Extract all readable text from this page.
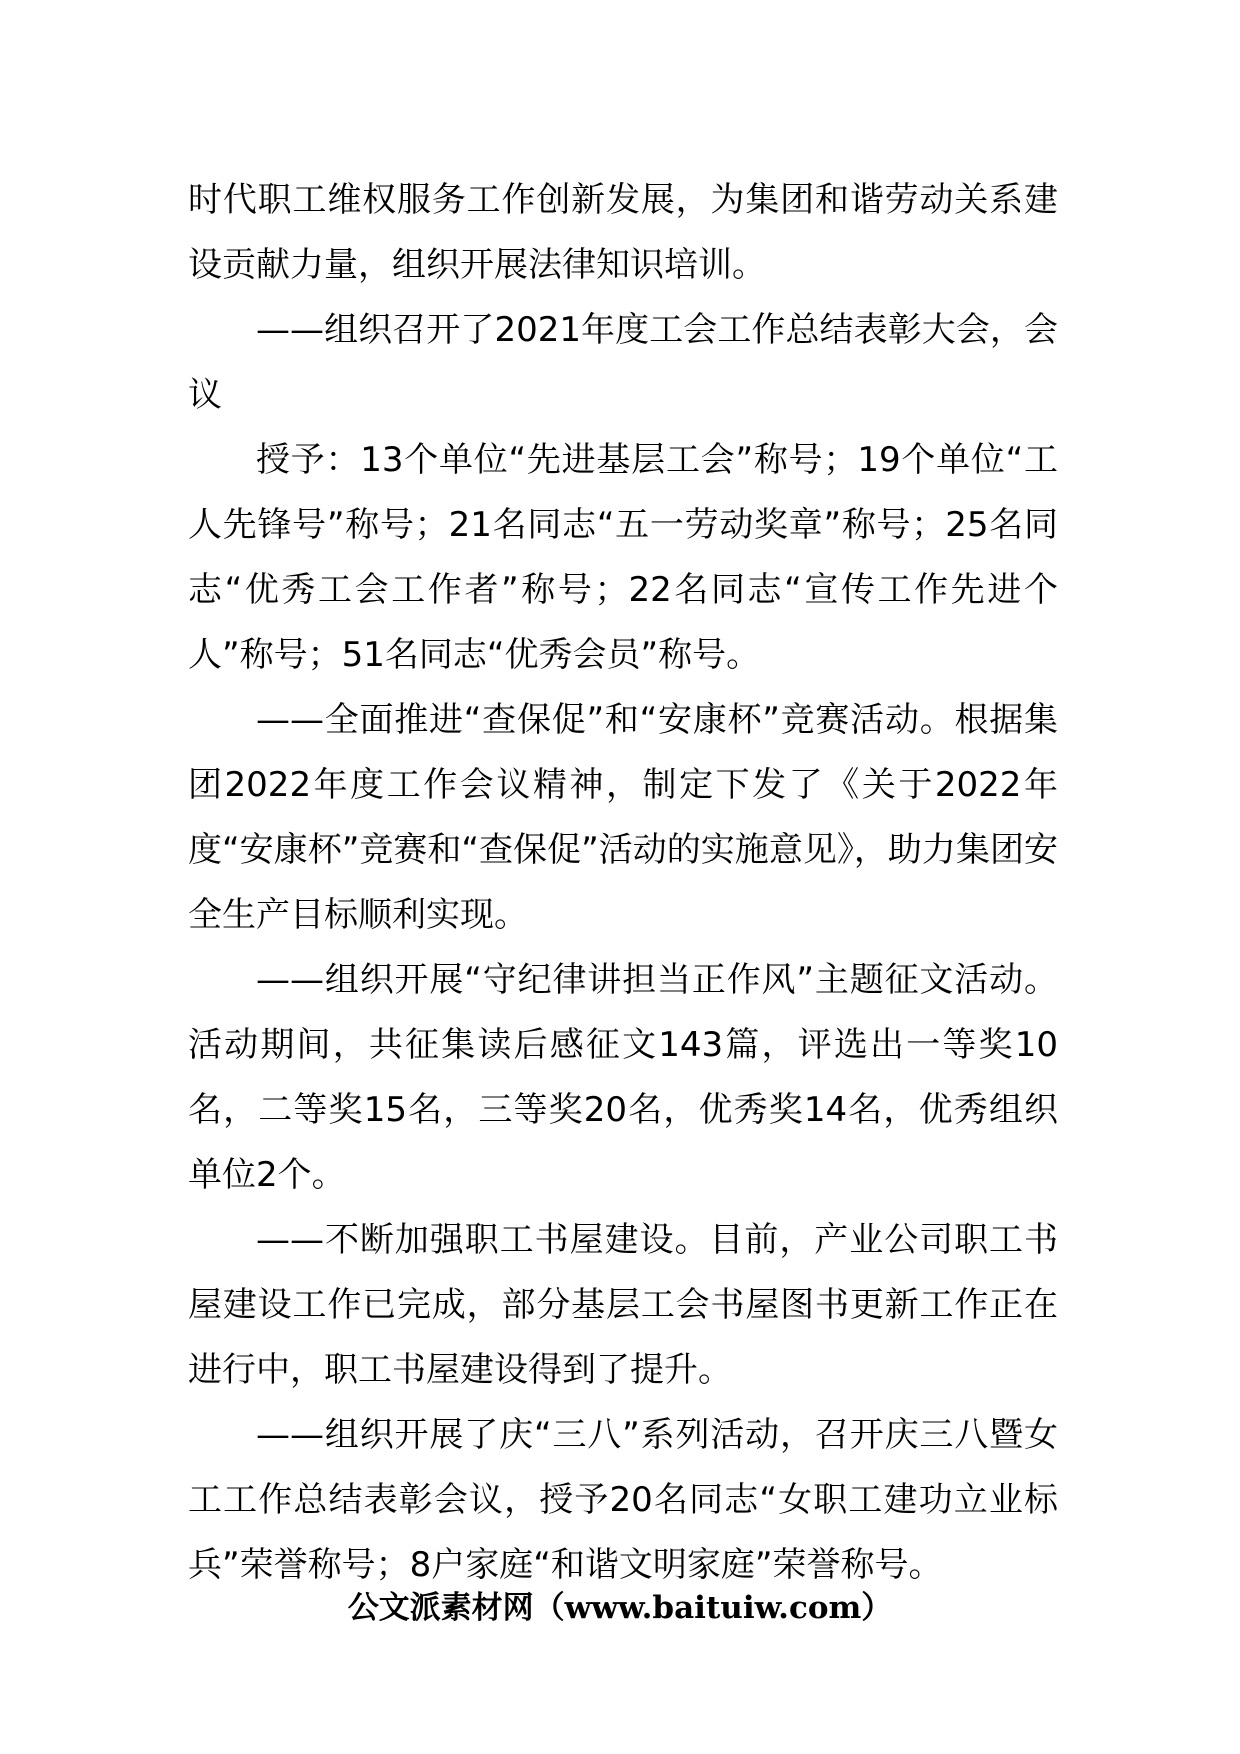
时代职工维权服务工作创新发展，为集团和谐劳动关系建设贡献力量，组织开展法律知识培训。

——组织召开了2021年度工会工作总结表彰大会，会议

授予：13个单位“先进基层工会”称号；19个单位“工人先锋号”称号；21名同志“五一劳动奖章”称号；25名同志“优秀工会工作者”称号；22名同志“宣传工作先进个人”称号；51名同志“优秀会员”称号。

——全面推进“查保促”和“安康杯”竞赛活动。根据集团2022年度工作会议精神，制定下发了《关于2022年度“安康杯”竞赛和“查保促”活动的实施意见》，助力集团安全生产目标顺利实现。

——组织开展“守纪律讲担当正作风”主题征文活动。活动期间，共征集读后感征文143篇，评选出一等奖10名，二等奖15名，三等奖20名，优秀奖14名，优秀组织单位2个。

——不断加强职工书屋建设。目前，产业公司职工书屋建设工作已完成，部分基层工会书屋图书更新工作正在进行中，职工书屋建设得到了提升。

——组织开展了庆“三八”系列活动，召开庆三八暨女工工作总结表彰会议，授予20名同志“女职工建功立业标兵”荣誉称号；8户家庭“和谐文明家庭”荣誉称号。

公文派素材网（www.baituiw.com）
